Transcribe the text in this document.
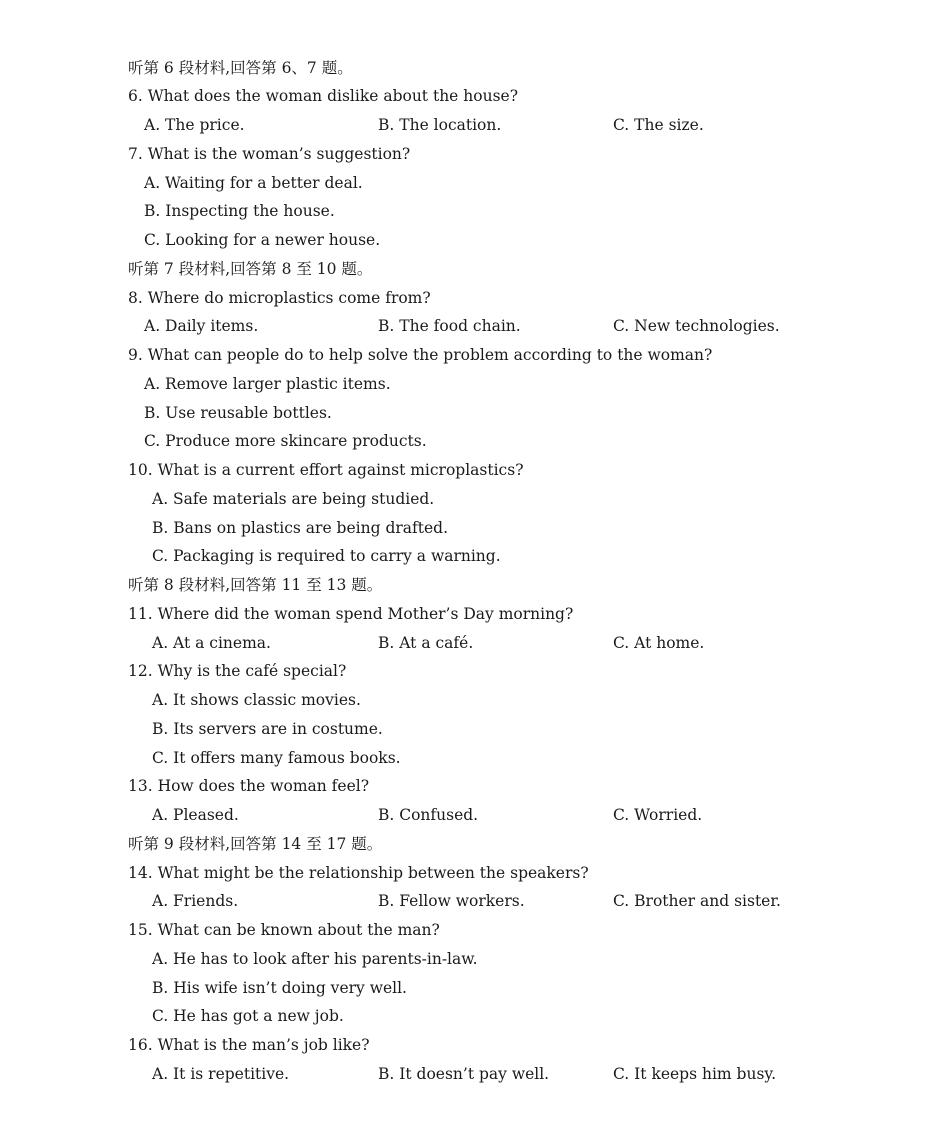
听第 6 段材料,回答第 6、7 题。
6. What does the woman dislike about the house?
A. The price.	B. The location.	C. The size.
7. What is the woman’s suggestion?
A. Waiting for a better deal.
B. Inspecting the house.
C. Looking for a newer house.
听第 7 段材料,回答第 8 至 10 题。
8. Where do microplastics come from?
A. Daily items.	B. The food chain.	C. New technologies.
9. What can people do to help solve the problem according to the woman?
A. Remove larger plastic items.
B. Use reusable bottles.
C. Produce more skincare products.
10. What is a current effort against microplastics?
A. Safe materials are being studied.
B. Bans on plastics are being drafted.
C. Packaging is required to carry a warning.
听第 8 段材料,回答第 11 至 13 题。
11. Where did the woman spend Mother’s Day morning?
A. At a cinema.	B. At a café.	C. At home.
12. Why is the café special?
A. It shows classic movies.
B. Its servers are in costume.
C. It offers many famous books.
13. How does the woman feel?
A. Pleased.	B. Confused.	C. Worried.
听第 9 段材料,回答第 14 至 17 题。
14. What might be the relationship between the speakers?
A. Friends.	B. Fellow workers.	C. Brother and sister.
15. What can be known about the man?
A. He has to look after his parents-in-law.
B. His wife isn’t doing very well.
C. He has got a new job.
16. What is the man’s job like?
A. It is repetitive.	B. It doesn’t pay well.	C. It keeps him busy.
